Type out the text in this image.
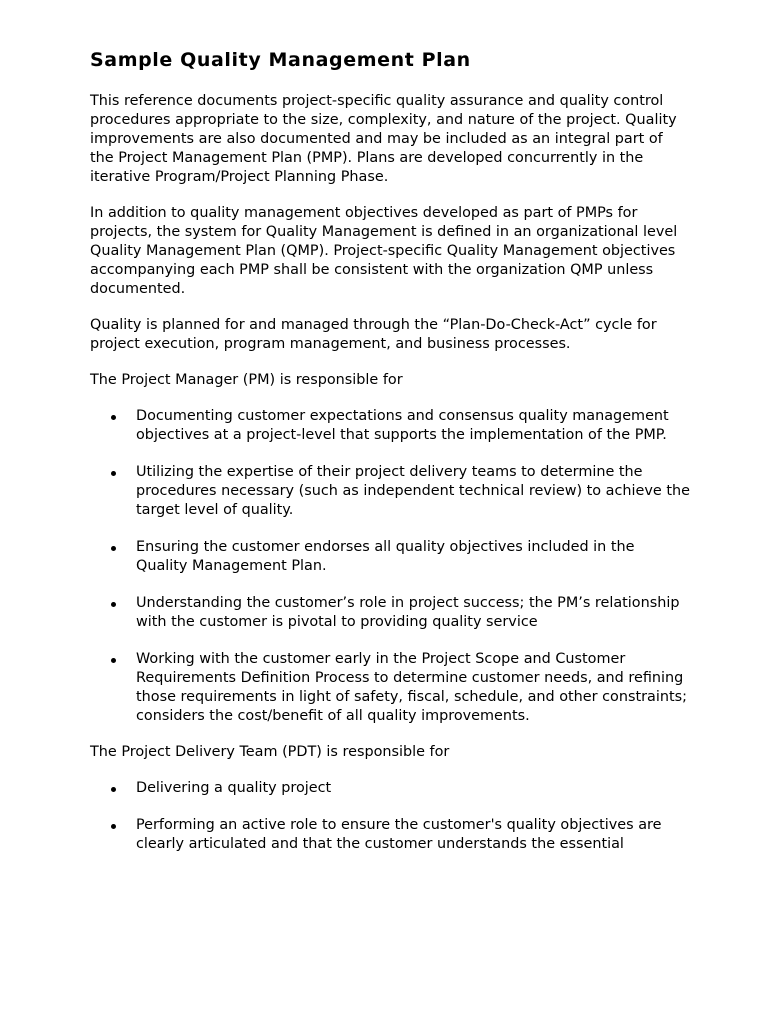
Sample Quality Management Plan

This reference documents project-specific quality assurance and quality control procedures appropriate to the size, complexity, and nature of the project. Quality improvements are also documented and may be included as an integral part of the Project Management Plan (PMP). Plans are developed concurrently in the iterative Program/Project Planning Phase.

In addition to quality management objectives developed as part of PMPs for projects, the system for Quality Management is defined in an organizational level Quality Management Plan (QMP). Project-specific Quality Management objectives accompanying each PMP shall be consistent with the organization QMP unless documented.

Quality is planned for and managed through the “Plan-Do-Check-Act” cycle for project execution, program management, and business processes.

The Project Manager (PM) is responsible for

Documenting customer expectations and consensus quality management objectives at a project-level that supports the implementation of the PMP.
Utilizing the expertise of their project delivery teams to determine the procedures necessary (such as independent technical review) to achieve the target level of quality.
Ensuring the customer endorses all quality objectives included in the Quality Management Plan.
Understanding the customer’s role in project success; the PM’s relationship with the customer is pivotal to providing quality service
Working with the customer early in the Project Scope and Customer Requirements Definition Process to determine customer needs, and refining those requirements in light of safety, fiscal, schedule, and other constraints; considers the cost/benefit of all quality improvements.

The Project Delivery Team (PDT) is responsible for

Delivering a quality project
Performing an active role to ensure the customer's quality objectives are clearly articulated and that the customer understands the essential
